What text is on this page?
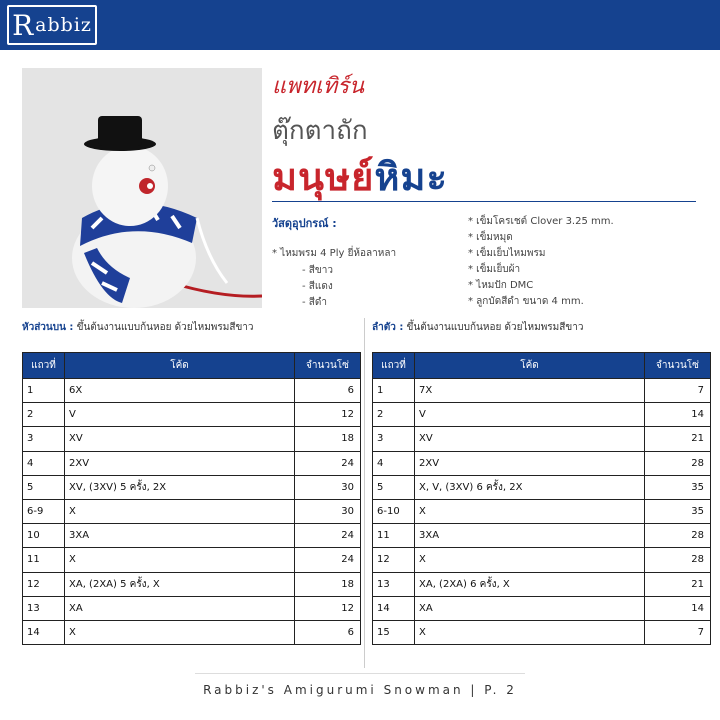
R abbiz
แพทเทิร์น
ตุ๊กตาถัก
มนุษย์หิมะ
วัสดุอุปกรณ์ :
* ไหมพรม 4 Ply ยี่ห้อลาหลา
- สีขาว
- สีแดง
- สีดำ
* เข็มโครเชต์ Clover 3.25 mm.
* เข็มหมุด
* เข็มเย็บไหมพรม
* เข็มเย็บผ้า
* ไหมปัก DMC
* ลูกบัดสีดำ ขนาด 4 mm.
หัวส่วนบน : ขึ้นต้นงานแบบก้นหอย ด้วยไหมพรมสีขาว	ลำตัว : ขึ้นต้นงานแบบก้นหอย ด้วยไหมพรมสีขาว
แถวที่	โค้ด	จำนวนโซ่
1	6X	6
2	V	12
3	XV	18
4	2XV	24
5	XV, (3XV) 5 ครั้ง, 2X	30
6-9	X	30
10	3XA	24
11	X	24
12	XA, (2XA) 5 ครั้ง, X	18
13	XA	12
14	X	6
แถวที่	โค้ด	จำนวนโซ่
1	7X	7
2	V	14
3	XV	21
4	2XV	28
5	X, V, (3XV) 6 ครั้ง, 2X	35
6-10	X	35
11	3XA	28
12	X	28
13	XA, (2XA) 6 ครั้ง, X	21
14	XA	14
15	X	7
Rabbiz's Amigurumi Snowman | P. 2
